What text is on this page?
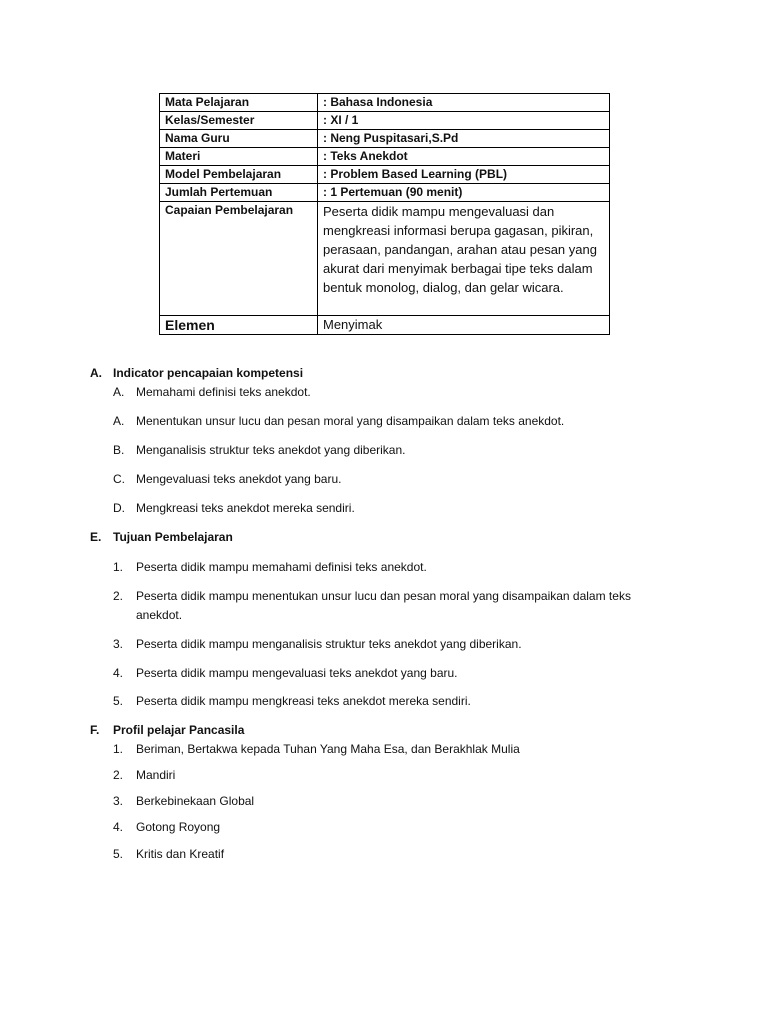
Mata Pelajaran	: Bahasa Indonesia
Kelas/Semester	: XI / 1
Nama Guru	: Neng Puspitasari,S.Pd
Materi	: Teks Anekdot
Model Pembelajaran	: Problem Based Learning (PBL)
Jumlah Pertemuan	: 1 Pertemuan (90 menit)
Capaian Pembelajaran	Peserta didik mampu mengevaluasi dan mengkreasi informasi berupa gagasan, pikiran, perasaan, pandangan, arahan atau pesan yang akurat dari menyimak berbagai tipe teks dalam bentuk monolog, dialog, dan gelar wicara.
Elemen	Menyimak
A. Indicator pencapaian kompetensi
A. Memahami definisi teks anekdot.
A. Menentukan unsur lucu dan pesan moral yang disampaikan dalam teks anekdot.
B. Menganalisis struktur teks anekdot yang diberikan.
C. Mengevaluasi teks anekdot yang baru.
D. Mengkreasi teks anekdot mereka sendiri.
E. Tujuan Pembelajaran
1.	Peserta didik mampu memahami definisi teks anekdot.
2.	Peserta didik mampu menentukan unsur lucu dan pesan moral yang disampaikan dalam teks anekdot.
3.	Peserta didik mampu menganalisis struktur teks anekdot yang diberikan.
4.	Peserta didik mampu mengevaluasi teks anekdot yang baru.
5.	Peserta didik mampu mengkreasi teks anekdot mereka sendiri.
F. Profil pelajar Pancasila
1.	Beriman, Bertakwa kepada Tuhan Yang Maha Esa, dan Berakhlak Mulia
2.	Mandiri
3.	Berkebinekaan Global
4.	Gotong Royong
5.	Kritis dan Kreatif
